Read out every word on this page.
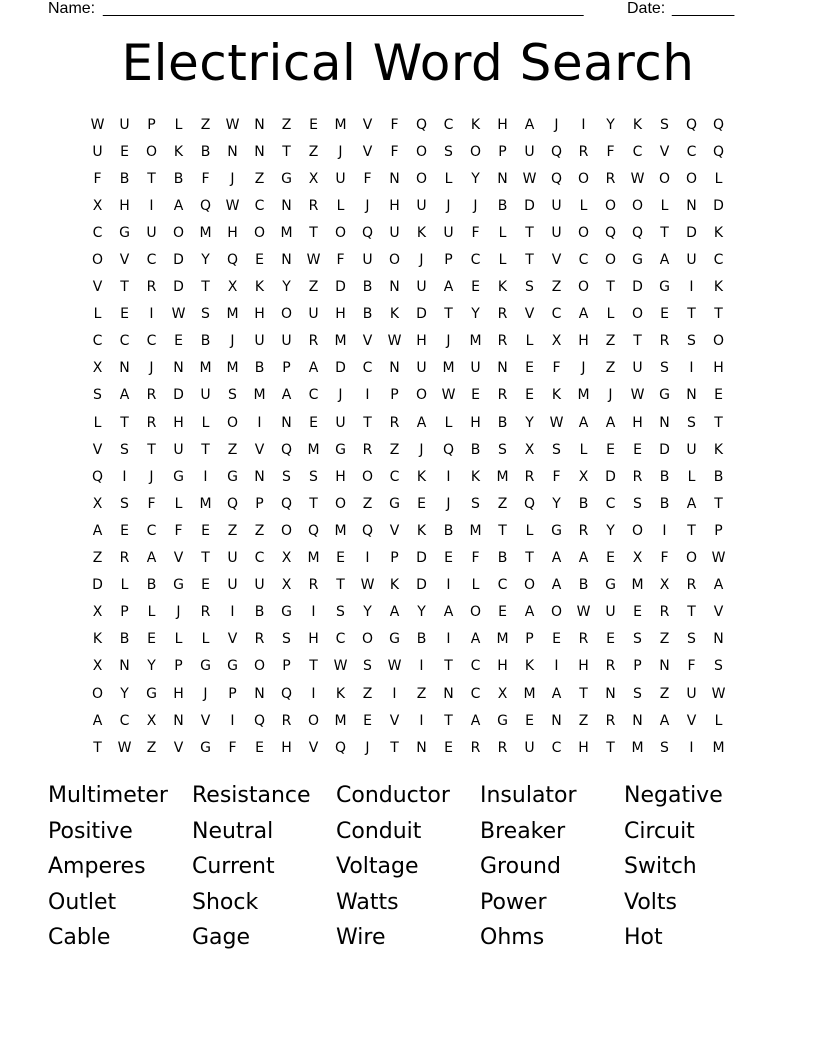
Name: ______________________________________________________	Date: _______
Electrical Word Search
W	U	P	L	Z	W	N	Z	E	M	V	F	Q	C	K	H	A	J	I	Y	K	S	Q	Q
U	E	O	K	B	N	N	T	Z	J	V	F	O	S	O	P	U	Q	R	F	C	V	C	Q
F	B	T	B	F	J	Z	G	X	U	F	N	O	L	Y	N	W	Q	O	R	W	O	O	L
X	H	I	A	Q	W	C	N	R	L	J	H	U	J	J	B	D	U	L	O	O	L	N	D
C	G	U	O	M	H	O	M	T	O	Q	U	K	U	F	L	T	U	O	Q	Q	T	D	K
O	V	C	D	Y	Q	E	N	W	F	U	O	J	P	C	L	T	V	C	O	G	A	U	C
V	T	R	D	T	X	K	Y	Z	D	B	N	U	A	E	K	S	Z	O	T	D	G	I	K
L	E	I	W	S	M	H	O	U	H	B	K	D	T	Y	R	V	C	A	L	O	E	T	T
C	C	C	E	B	J	U	U	R	M	V	W	H	J	M	R	L	X	H	Z	T	R	S	O
X	N	J	N	M	M	B	P	A	D	C	N	U	M	U	N	E	F	J	Z	U	S	I	H
S	A	R	D	U	S	M	A	C	J	I	P	O	W	E	R	E	K	M	J	W	G	N	E
L	T	R	H	L	O	I	N	E	U	T	R	A	L	H	B	Y	W	A	A	H	N	S	T
V	S	T	U	T	Z	V	Q	M	G	R	Z	J	Q	B	S	X	S	L	E	E	D	U	K
Q	I	J	G	I	G	N	S	S	H	O	C	K	I	K	M	R	F	X	D	R	B	L	B
X	S	F	L	M	Q	P	Q	T	O	Z	G	E	J	S	Z	Q	Y	B	C	S	B	A	T
A	E	C	F	E	Z	Z	O	Q	M	Q	V	K	B	M	T	L	G	R	Y	O	I	T	P
Z	R	A	V	T	U	C	X	M	E	I	P	D	E	F	B	T	A	A	E	X	F	O	W
D	L	B	G	E	U	U	X	R	T	W	K	D	I	L	C	O	A	B	G	M	X	R	A
X	P	L	J	R	I	B	G	I	S	Y	A	Y	A	O	E	A	O	W	U	E	R	T	V
K	B	E	L	L	V	R	S	H	C	O	G	B	I	A	M	P	E	R	E	S	Z	S	N
X	N	Y	P	G	G	O	P	T	W	S	W	I	T	C	H	K	I	H	R	P	N	F	S
O	Y	G	H	J	P	N	Q	I	K	Z	I	Z	N	C	X	M	A	T	N	S	Z	U	W
A	C	X	N	V	I	Q	R	O	M	E	V	I	T	A	G	E	N	Z	R	N	A	V	L
T	W	Z	V	G	F	E	H	V	Q	J	T	N	E	R	R	U	C	H	T	M	S	I	M
Multimeter	Resistance	Conductor	Insulator	Negative
Positive	Neutral	Conduit	Breaker	Circuit
Amperes	Current	Voltage	Ground	Switch
Outlet	Shock	Watts	Power	Volts
Cable	Gage	Wire	Ohms	Hot
